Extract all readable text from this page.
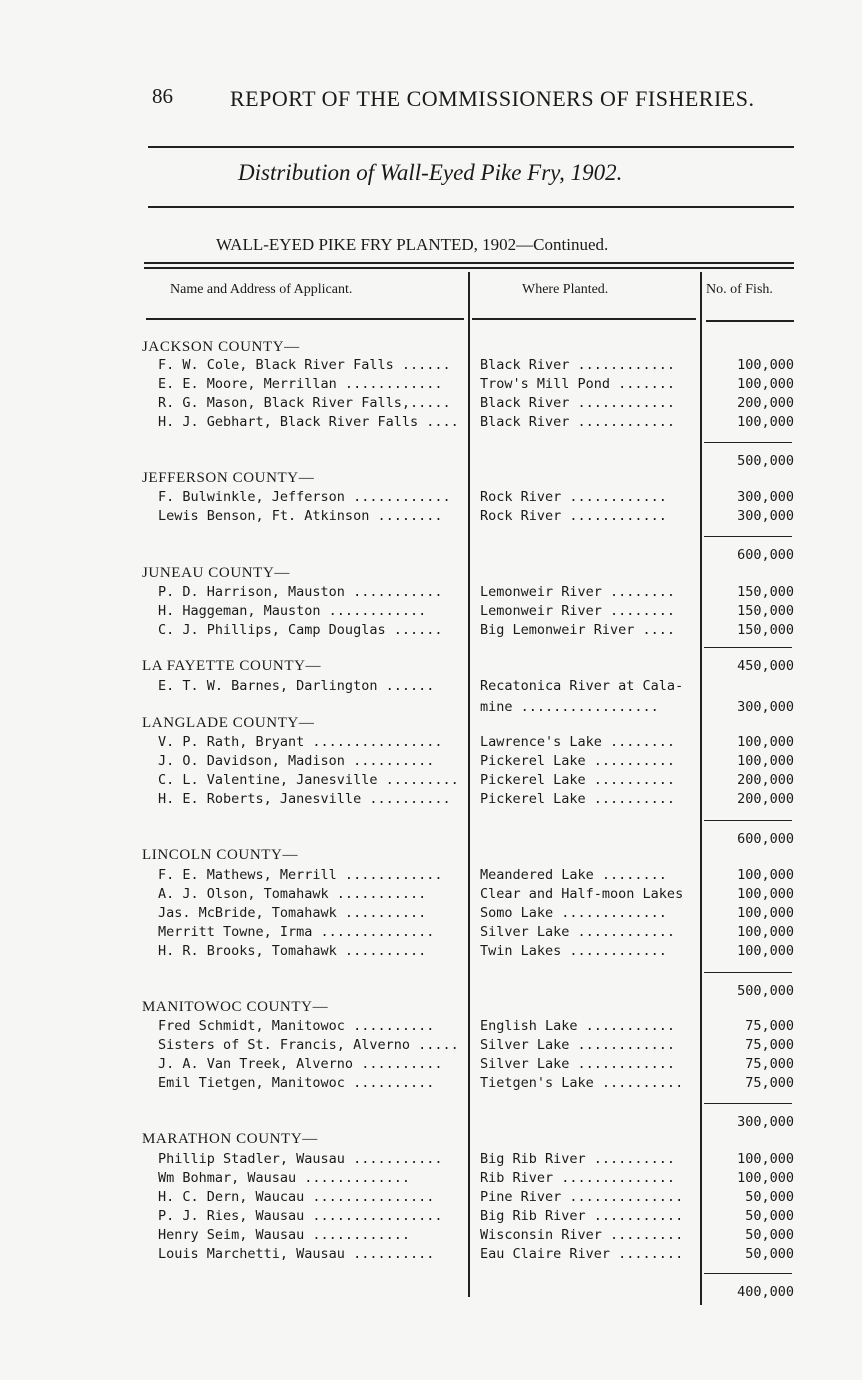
86	REPORT OF THE COMMISSIONERS OF FISHERIES.
Distribution of Wall-Eyed Pike Fry, 1902.
WALL-EYED PIKE FRY PLANTED, 1902—Continued.
Name and Address of Applicant.	Where Planted.	No. of Fish.
JACKSON COUNTY—
F. W. Cole, Black River Falls ......	Black River ............	100,000
E. E. Moore, Merrillan ............	Trow's Mill Pond .......	100,000
R. G. Mason, Black River Falls,.....	Black River ............	200,000
H. J. Gebhart, Black River Falls ....	Black River ............	100,000
500,000
JEFFERSON COUNTY—
F. Bulwinkle, Jefferson ............	Rock River ............	300,000
Lewis Benson, Ft. Atkinson ........	Rock River ............	300,000
600,000
JUNEAU COUNTY—
P. D. Harrison, Mauston ...........	Lemonweir River ........	150,000
H. Haggeman, Mauston ............	Lemonweir River ........	150,000
C. J. Phillips, Camp Douglas ......	Big Lemonweir River ....	150,000
LA FAYETTE COUNTY—	450,000
E. T. W. Barnes, Darlington ......	Recatonica River at Cala-
mine .................	300,000
LANGLADE COUNTY—
V. P. Rath, Bryant ................	Lawrence's Lake ........	100,000
J. O. Davidson, Madison ..........	Pickerel Lake ..........	100,000
C. L. Valentine, Janesville .........	Pickerel Lake ..........	200,000
H. E. Roberts, Janesville ..........	Pickerel Lake ..........	200,000
600,000
LINCOLN COUNTY—
F. E. Mathews, Merrill ............	Meandered Lake ........	100,000
A. J. Olson, Tomahawk ...........	Clear and Half-moon Lakes	100,000
Jas. McBride, Tomahawk ..........	Somo Lake .............	100,000
Merritt Towne, Irma ..............	Silver Lake ............	100,000
H. R. Brooks, Tomahawk ..........	Twin Lakes ............	100,000
500,000
MANITOWOC COUNTY—
Fred Schmidt, Manitowoc ..........	English Lake ...........	75,000
Sisters of St. Francis, Alverno .....	Silver Lake ............	75,000
J. A. Van Treek, Alverno ..........	Silver Lake ............	75,000
Emil Tietgen, Manitowoc ..........	Tietgen's Lake ..........	75,000
300,000
MARATHON COUNTY—
Phillip Stadler, Wausau ...........	Big Rib River ..........	100,000
Wm Bohmar, Wausau .............	Rib River ..............	100,000
H. C. Dern, Waucau ...............	Pine River ..............	50,000
P. J. Ries, Wausau ................	Big Rib River ...........	50,000
Henry Seim, Wausau ............	Wisconsin River .........	50,000
Louis Marchetti, Wausau ..........	Eau Claire River ........	50,000
400,000
